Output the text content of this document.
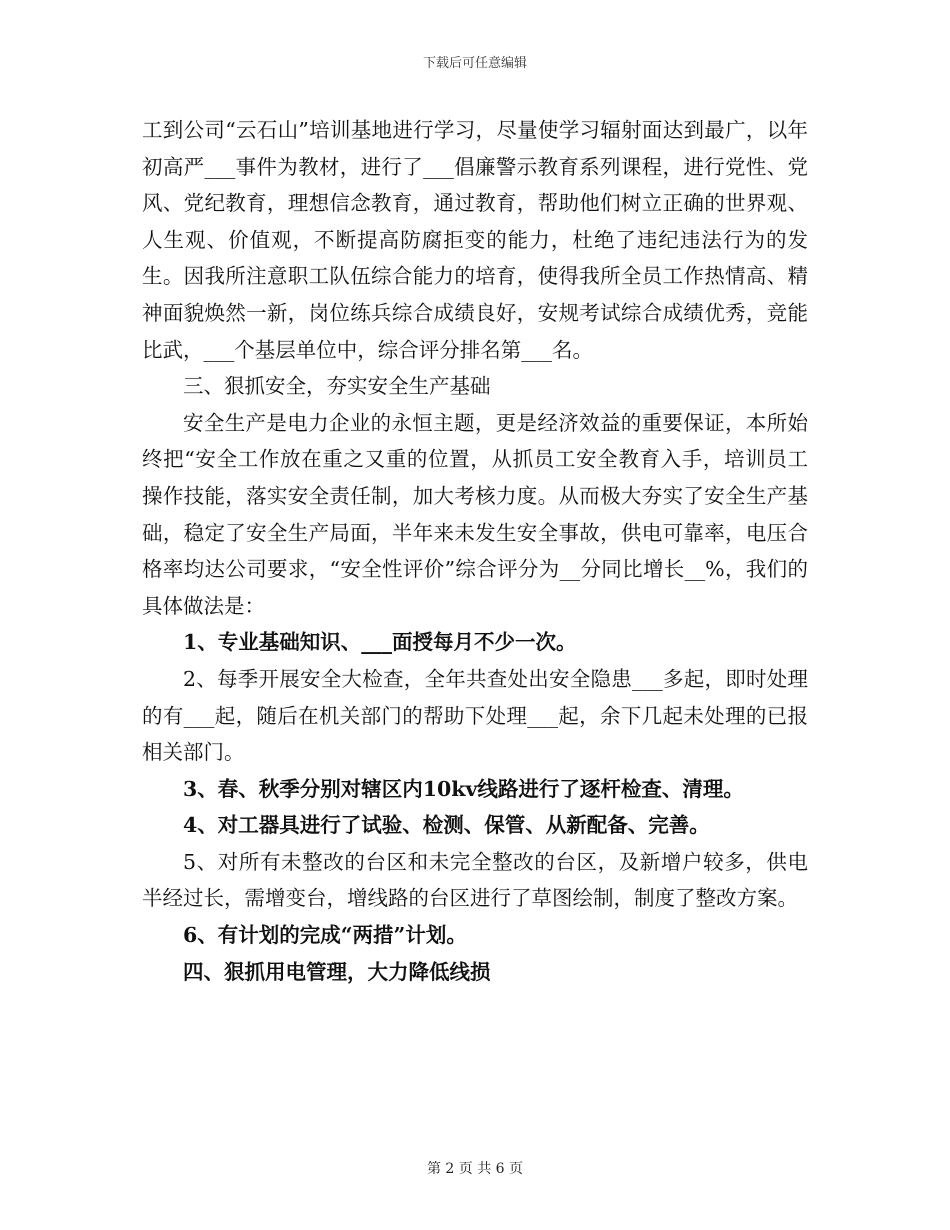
下载后可任意编辑

工到公司“云石山”培训基地进行学习，尽量使学习辐射面达到最广，以年初高严___事件为教材，进行了___倡廉警示教育系列课程，进行党性、党风、党纪教育，理想信念教育，通过教育，帮助他们树立正确的世界观、人生观、价值观，不断提高防腐拒变的能力，杜绝了违纪违法行为的发生。因我所注意职工队伍综合能力的培育，使得我所全员工作热情高、精神面貌焕然一新，岗位练兵综合成绩良好，安规考试综合成绩优秀，竞能比武，___个基层单位中，综合评分排名第___名。

三、狠抓安全，夯实安全生产基础

安全生产是电力企业的永恒主题，更是经济效益的重要保证，本所始终把“安全工作放在重之又重的位置，从抓员工安全教育入手，培训员工操作技能，落实安全责任制，加大考核力度。从而极大夯实了安全生产基础，稳定了安全生产局面，半年来未发生安全事故，供电可靠率，电压合格率均达公司要求，“安全性评价”综合评分为__分同比增长__%，我们的具体做法是：

1、专业基础知识、___面授每月不少一次。

2、每季开展安全大检查，全年共查处出安全隐患___多起，即时处理的有___起，随后在机关部门的帮助下处理___起，余下几起未处理的已报相关部门。

3、春、秋季分别对辖区内10kv线路进行了逐杆检查、清理。

4、对工器具进行了试验、检测、保管、从新配备、完善。

5、对所有未整改的台区和未完全整改的台区，及新增户较多，供电半经过长，需增变台，增线路的台区进行了草图绘制，制度了整改方案。

6、有计划的完成“两措”计划。

四、狠抓用电管理，大力降低线损

第 2 页 共 6 页
